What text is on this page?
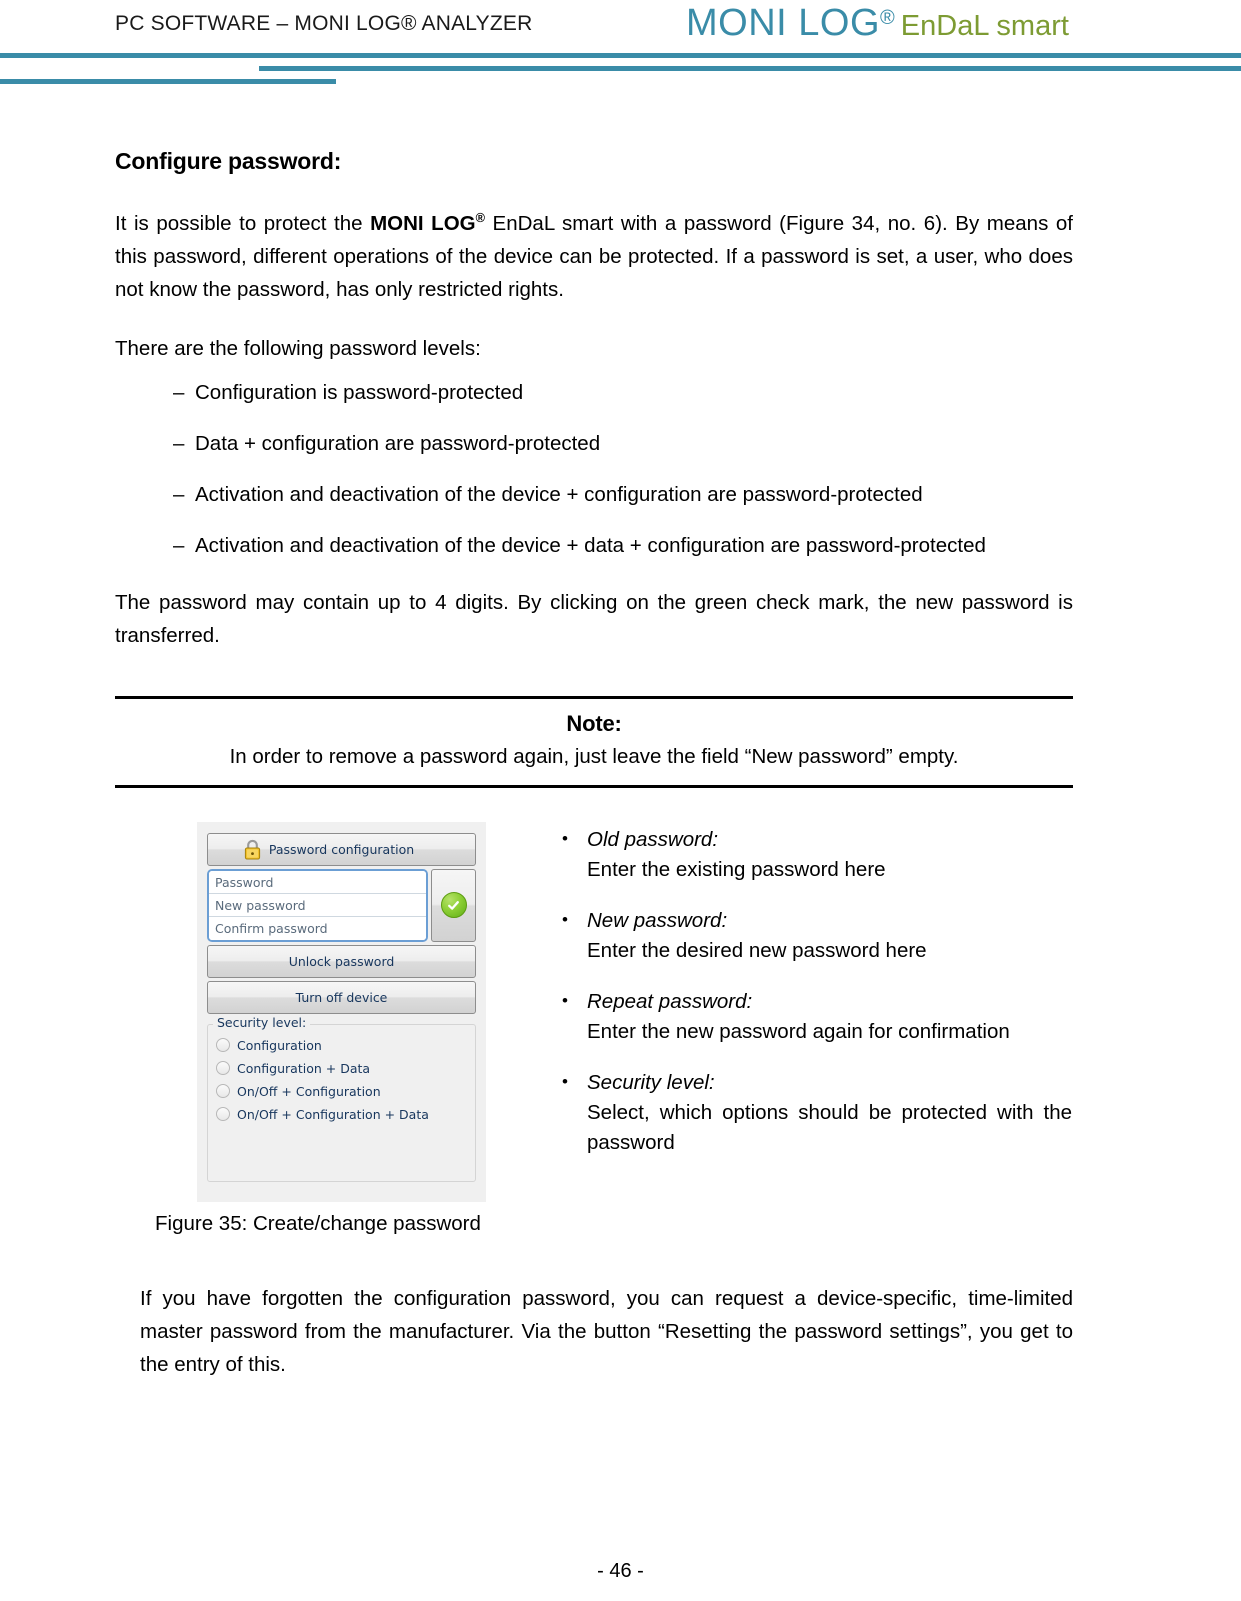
PC SOFTWARE – MONI LOG® ANALYZER	MONI LOG® EnDaL smart
Configure password:

It is possible to protect the MONI LOG® EnDaL smart with a password (Figure 34, no. 6). By means of this password, different operations of the device can be protected. If a password is set, a user, who does not know the password, has only restricted rights.

There are the following password levels:

– Configuration is password-protected
– Data + configuration are password-protected
– Activation and deactivation of the device + configuration are password-protected
– Activation and deactivation of the device + data + configuration are password-protected

The password may contain up to 4 digits. By clicking on the green check mark, the new password is transferred.

Note:
In order to remove a password again, just leave the field “New password” empty.
Password configuration
Password
New password
Confirm password
Unlock password
Turn off device
Security level:
Configuration
Configuration + Data
On/Off + Configuration
On/Off + Configuration + Data
Figure 35: Create/change password
• Old password:
Enter the existing password here
• New password:
Enter the desired new password here
• Repeat password:
Enter the new password again for confirmation
• Security level:
Select, which options should be protected with the password

If you have forgotten the configuration password, you can request a device-specific, time-limited master password from the manufacturer. Via the button “Resetting the password settings”, you get to the entry of this.

- 46 -
